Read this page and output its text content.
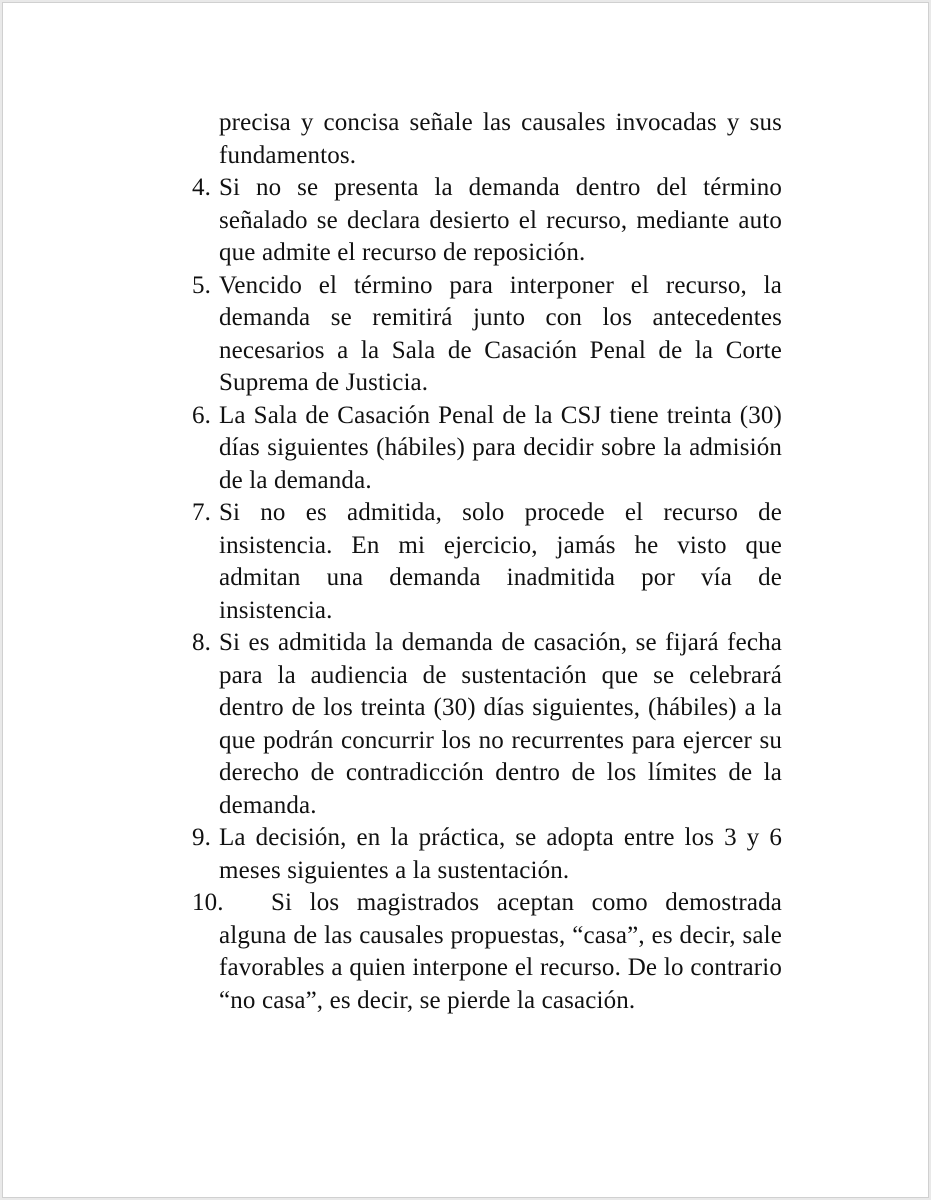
precisa y concisa señale las causales invocadas y sus fundamentos.

4. Si no se presenta la demanda dentro del término señalado se declara desierto el recurso, mediante auto que admite el recurso de reposición.

5. Vencido el término para interponer el recurso, la demanda se remitirá junto con los antecedentes necesarios a la Sala de Casación Penal de la Corte Suprema de Justicia.

6. La Sala de Casación Penal de la CSJ tiene treinta (30) días siguientes (hábiles) para decidir sobre la admisión de la demanda.

7. Si no es admitida, solo procede el recurso de insistencia. En mi ejercicio, jamás he visto que admitan una demanda inadmitida por vía de insistencia.

8. Si es admitida la demanda de casación, se fijará fecha para la audiencia de sustentación que se celebrará dentro de los treinta (30) días siguientes, (hábiles) a la que podrán concurrir los no recurrentes para ejercer su derecho de contradicción dentro de los límites de la demanda.

9. La decisión, en la práctica, se adopta entre los 3 y 6 meses siguientes a la sustentación.

10.	Si los magistrados aceptan como demostrada alguna de las causales propuestas, “casa”, es decir, sale favorables a quien interpone el recurso. De lo contrario “no casa”, es decir, se pierde la casación.
